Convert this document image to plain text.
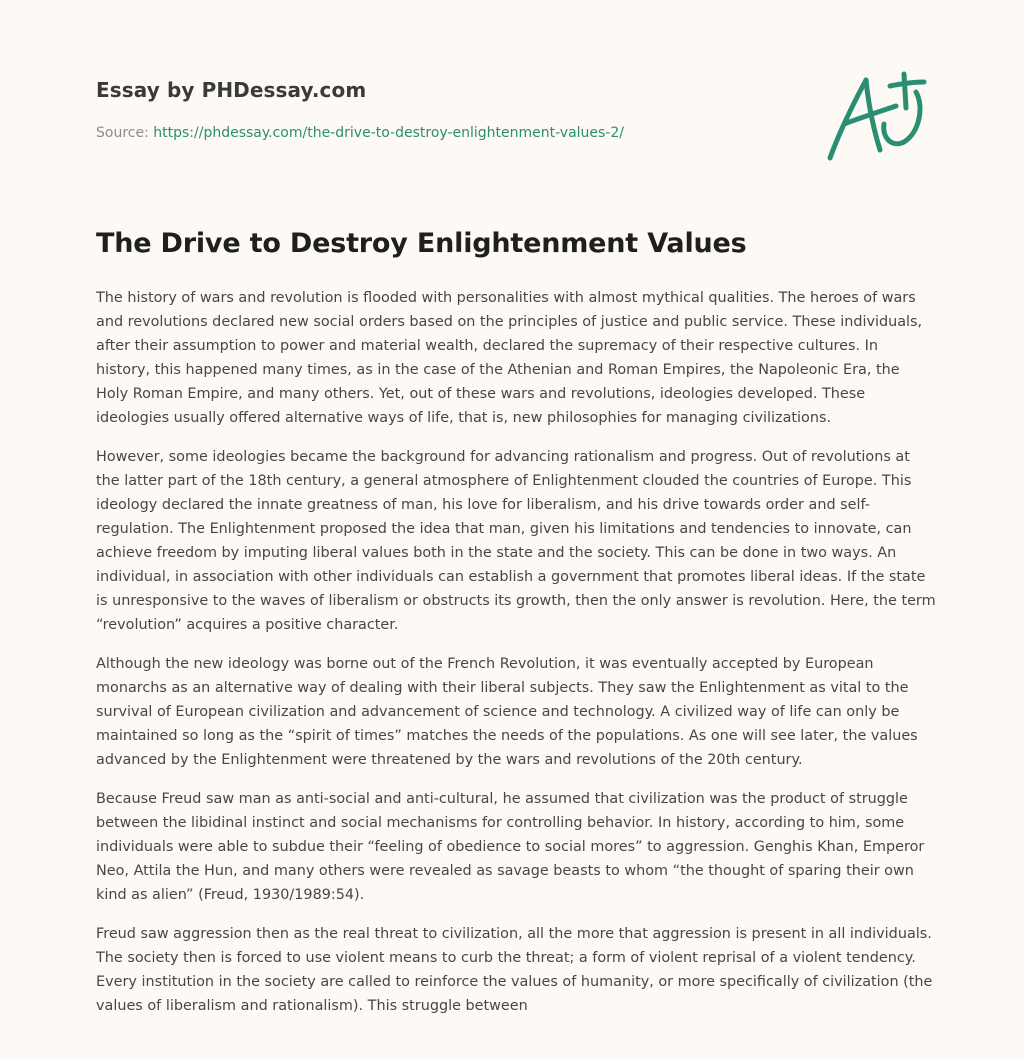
Essay by PHDessay.com
Source: https://phdessay.com/the-drive-to-destroy-enlightenment-values-2/
The Drive to Destroy Enlightenment Values

The history of wars and revolution is flooded with personalities with almost mythical qualities. The heroes of wars and revolutions declared new social orders based on the principles of justice and public service. These individuals, after their assumption to power and material wealth, declared the supremacy of their respective cultures. In history, this happened many times, as in the case of the Athenian and Roman Empires, the Napoleonic Era, the Holy Roman Empire, and many others. Yet, out of these wars and revolutions, ideologies developed. These ideologies usually offered alternative ways of life, that is, new philosophies for managing civilizations.

However, some ideologies became the background for advancing rationalism and progress. Out of revolutions at the latter part of the 18th century, a general atmosphere of Enlightenment clouded the countries of Europe. This ideology declared the innate greatness of man, his love for liberalism, and his drive towards order and self-regulation. The Enlightenment proposed the idea that man, given his limitations and tendencies to innovate, can achieve freedom by imputing liberal values both in the state and the society. This can be done in two ways. An individual, in association with other individuals can establish a government that promotes liberal ideas. If the state is unresponsive to the waves of liberalism or obstructs its growth, then the only answer is revolution. Here, the term “revolution” acquires a positive character.

Although the new ideology was borne out of the French Revolution, it was eventually accepted by European monarchs as an alternative way of dealing with their liberal subjects. They saw the Enlightenment as vital to the survival of European civilization and advancement of science and technology. A civilized way of life can only be maintained so long as the “spirit of times” matches the needs of the populations. As one will see later, the values advanced by the Enlightenment were threatened by the wars and revolutions of the 20th century.

Because Freud saw man as anti-social and anti-cultural, he assumed that civilization was the product of struggle between the libidinal instinct and social mechanisms for controlling behavior. In history, according to him, some individuals were able to subdue their “feeling of obedience to social mores” to aggression. Genghis Khan, Emperor Neo, Attila the Hun, and many others were revealed as savage beasts to whom “the thought of sparing their own kind as alien” (Freud, 1930/1989:54).

Freud saw aggression then as the real threat to civilization, all the more that aggression is present in all individuals. The society then is forced to use violent means to curb the threat; a form of violent reprisal of a violent tendency. Every institution in the society are called to reinforce the values of humanity, or more specifically of civilization (the values of liberalism and rationalism). This struggle between
